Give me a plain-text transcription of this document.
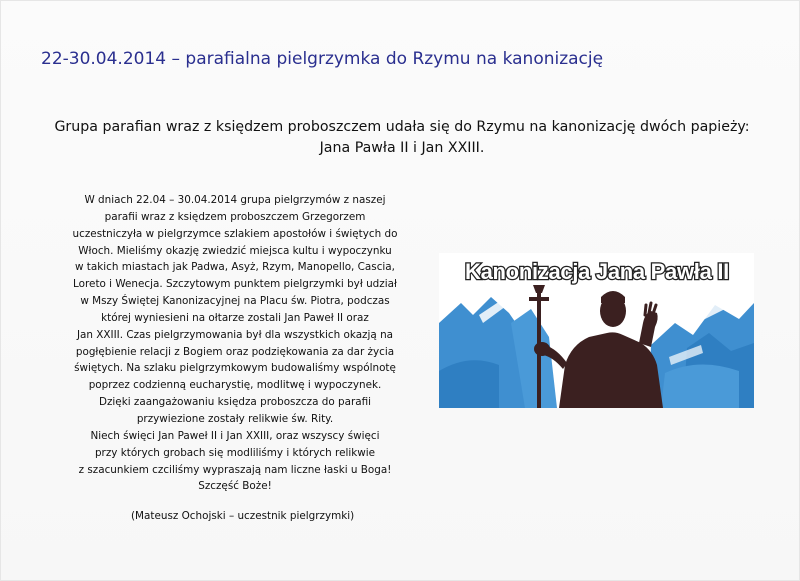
22-30.04.2014 – parafialna pielgrzymka do Rzymu na kanonizację
Grupa parafian wraz z księdzem proboszczem udała się do Rzymu na kanonizację dwóch papieży:
Jana Pawła II i Jan XXIII.
W dniach 22.04 – 30.04.2014 grupa pielgrzymów z naszej
parafii wraz z księdzem proboszczem Grzegorzem
uczestniczyła w pielgrzymce szlakiem apostołów i świętych do
Włoch. Mieliśmy okazję zwiedzić miejsca kultu i wypoczynku
w takich miastach jak Padwa, Asyż, Rzym, Manopello, Cascia,
Loreto i Wenecja. Szczytowym punktem pielgrzymki był udział
w Mszy Świętej Kanonizacyjnej na Placu św. Piotra, podczas
której wyniesieni na ołtarze zostali Jan Paweł II oraz
Jan XXIII. Czas pielgrzymowania był dla wszystkich okazją na
pogłębienie relacji z Bogiem oraz podziękowania za dar życia
świętych. Na szlaku pielgrzymkowym budowaliśmy wspólnotę
poprzez codzienną eucharystię, modlitwę i wypoczynek.
Dzięki zaangażowaniu księdza proboszcza do parafii
przywiezione zostały relikwie św. Rity.
Niech święci Jan Paweł II i Jan XXIII, oraz wszyscy święci
przy których grobach się modliliśmy i których relikwie
z szacunkiem czciliśmy wypraszają nam liczne łaski u Boga!
Szczęść Boże!
(Mateusz Ochojski – uczestnik pielgrzymki)
Kanonizacja Jana Pawła II
